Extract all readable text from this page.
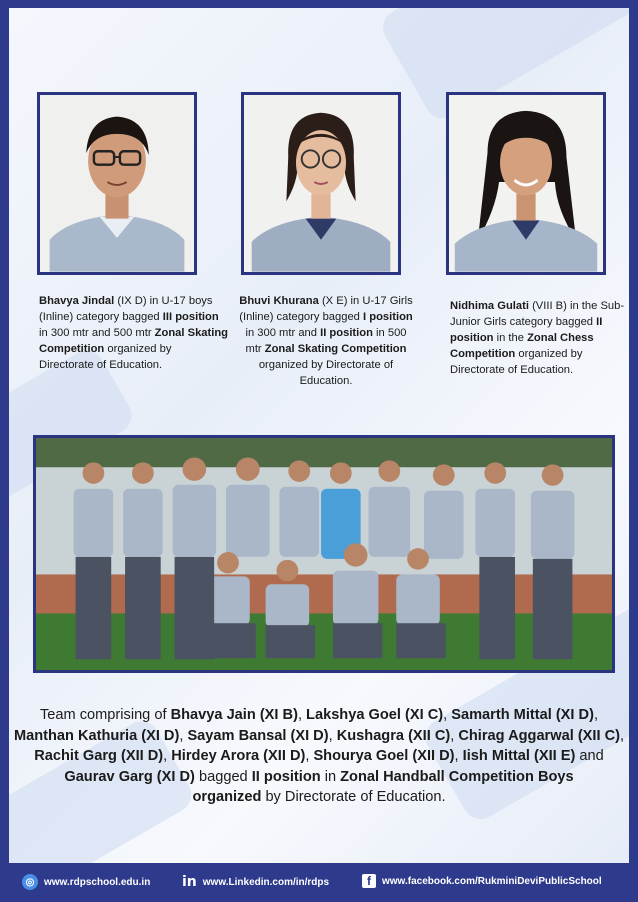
Bhavya Jindal (IX D) in U-17 boys (Inline) category bagged III position in 300 mtr and 500 mtr Zonal Skating Competition organized by Directorate of Education.
Bhuvi Khurana (X E) in U-17 Girls (Inline) category bagged I position in 300 mtr and II position in 500 mtr Zonal Skating Competition organized by Directorate of Education.
Nidhima Gulati (VIII B) in the Sub-Junior Girls category bagged II position in the Zonal Chess Competition organized by Directorate of Education.
Team comprising of Bhavya Jain (XI B), Lakshya Goel (XI C), Samarth Mittal (XI D),
Manthan Kathuria (XI D), Sayam Bansal (XI D), Kushagra (XII C), Chirag Aggarwal (XII C),
Rachit Garg (XII D), Hirdey Arora (XII D), Shourya Goel (XII D), Iish Mittal (XII E) and
Gaurav Garg (XI D) bagged II position in Zonal Handball Competition Boys
organized by Directorate of Education.
◎ www.rdpschool.edu.in in www.Linkedin.com/in/rdps	f	www.facebook.com/RukminiDeviPublicSchool
